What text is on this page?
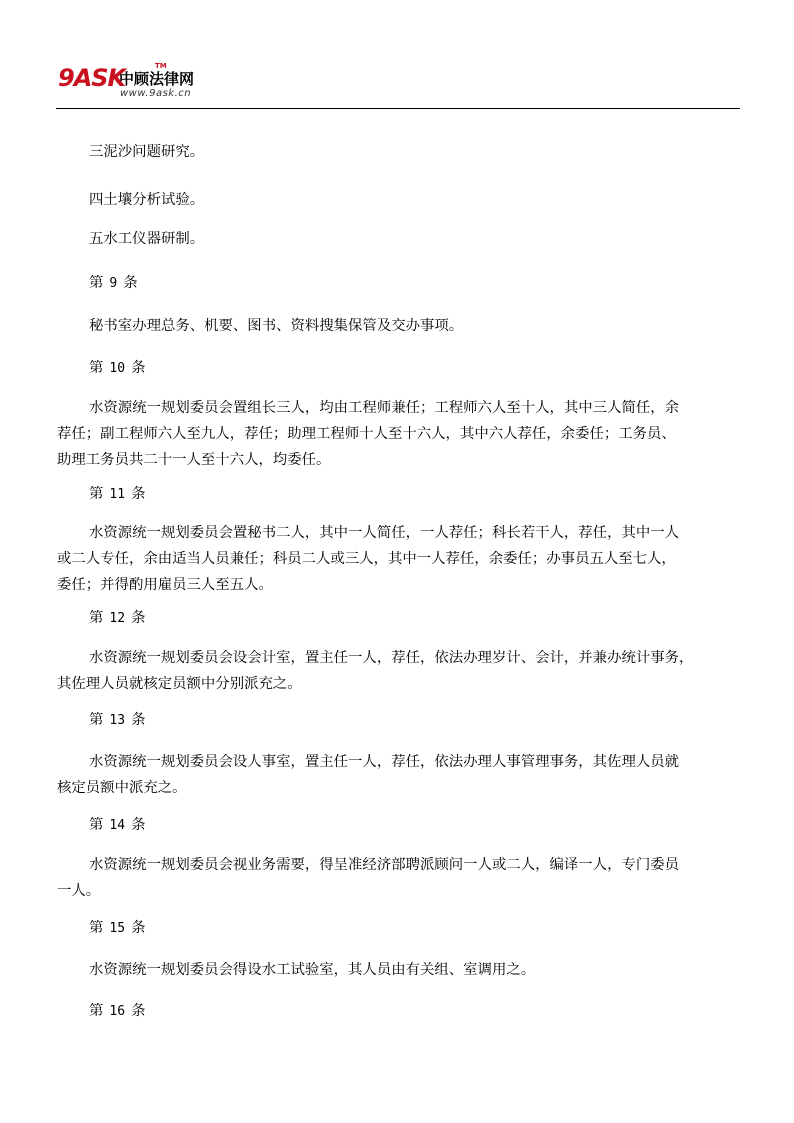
9ASK
中顾法律网
TM
www.9ask.cn
三泥沙问题研究。
四土壤分析试验。
五水工仪器研制。
第 9 条
秘书室办理总务、机要、图书、资料搜集保管及交办事项。
第 10 条
水资源统一规划委员会置组长三人，均由工程师兼任；工程师六人至十人，其中三人简任，余
荐任；副工程师六人至九人，荐任；助理工程师十人至十六人，其中六人荐任，余委任；工务员、
助理工务员共二十一人至十六人，均委任。
第 11 条
水资源统一规划委员会置秘书二人，其中一人简任，一人荐任；科长若干人，荐任，其中一人
或二人专任，余由适当人员兼任；科员二人或三人，其中一人荐任，余委任；办事员五人至七人，
委任；并得酌用雇员三人至五人。
第 12 条
水资源统一规划委员会设会计室，置主任一人，荐任，依法办理岁计、会计，并兼办统计事务，
其佐理人员就核定员额中分别派充之。
第 13 条
水资源统一规划委员会设人事室，置主任一人，荐任，依法办理人事管理事务，其佐理人员就
核定员额中派充之。
第 14 条
水资源统一规划委员会视业务需要，得呈准经济部聘派顾问一人或二人，编译一人，专门委员
一人。
第 15 条
水资源统一规划委员会得设水工试验室，其人员由有关组、室调用之。
第 16 条
